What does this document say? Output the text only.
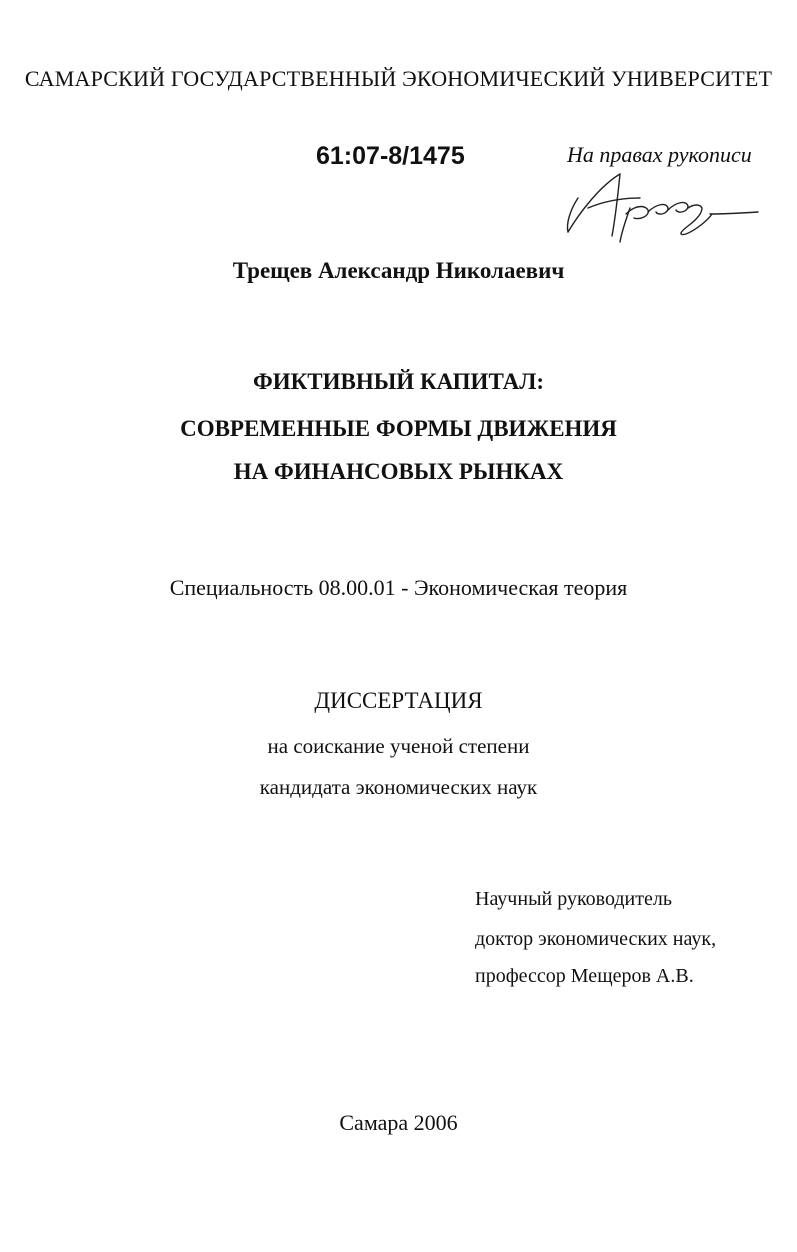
САМАРСКИЙ ГОСУДАРСТВЕННЫЙ ЭКОНОМИЧЕСКИЙ УНИВЕРСИТЕТ
61:07-8/1475	На правах рукописи
Трещев Александр Николаевич
ФИКТИВНЫЙ КАПИТАЛ:
СОВРЕМЕННЫЕ ФОРМЫ ДВИЖЕНИЯ
НА ФИНАНСОВЫХ РЫНКАХ
Специальность 08.00.01 - Экономическая теория
ДИССЕРТАЦИЯ
на соискание ученой степени
кандидата экономических наук
Научный руководитель
доктор экономических наук,
профессор Мещеров А.В.
Самара 2006
